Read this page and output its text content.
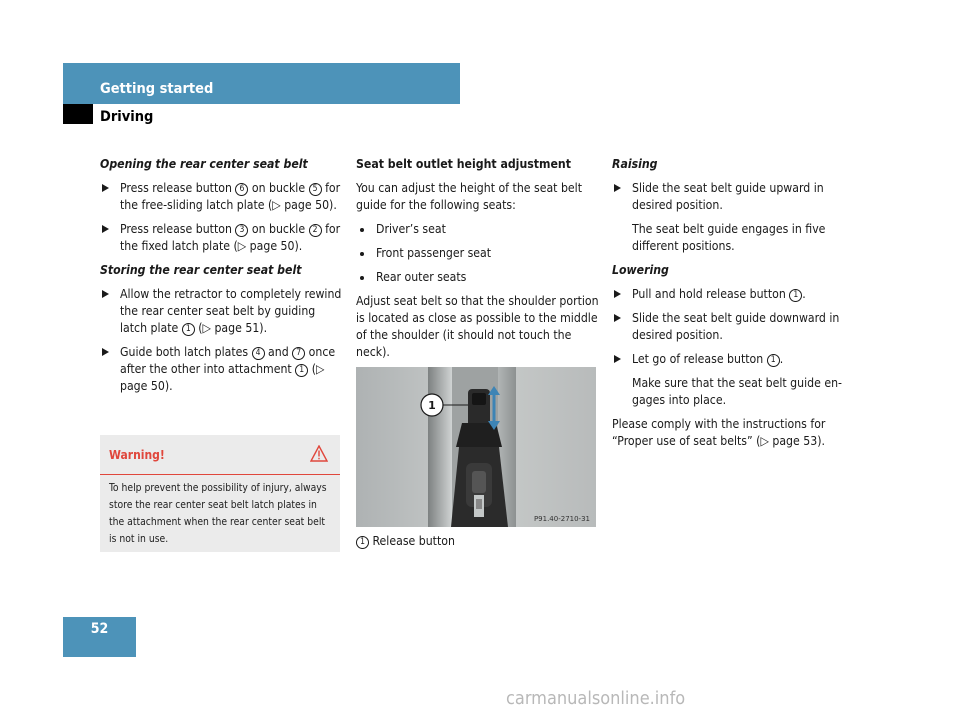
Getting started
Driving

Opening the rear center seat belt

Press release button 6 on buckle 5 for the free-sliding latch plate (▷ page 50).
Press release button 3 on buckle 2 for the fixed latch plate (▷ page 50).

Storing the rear center seat belt

Allow the retractor to completely rewind the rear center seat belt by guiding latch plate 1 (▷ page 51).
Guide both latch plates 4 and 7 once after the other into attachment 1 (▷ page 50).
Warning!
To help prevent the possibility of injury, always store the rear center seat belt latch plates in the attachment when the rear center seat belt is not in use.

Seat belt outlet height adjustment

You can adjust the height of the seat belt guide for the following seats:

Driver’s seat
Front passenger seat
Rear outer seats

Adjust seat belt so that the shoulder portion is located as close as possible to the middle of the shoulder (it should not touch the neck).

1
P91.40-2710-31
1 Release button

Raising

Slide the seat belt guide upward in desired position.

The seat belt guide engages in five different positions.

Lowering

Pull and hold release button 1 .
Slide the seat belt guide downward in desired position.
Let go of release button 1 .

Make sure that the seat belt guide en-gages into place.

Please comply with the instructions for “Proper use of seat belts” (▷ page 53).

52
carmanualsonline.info
